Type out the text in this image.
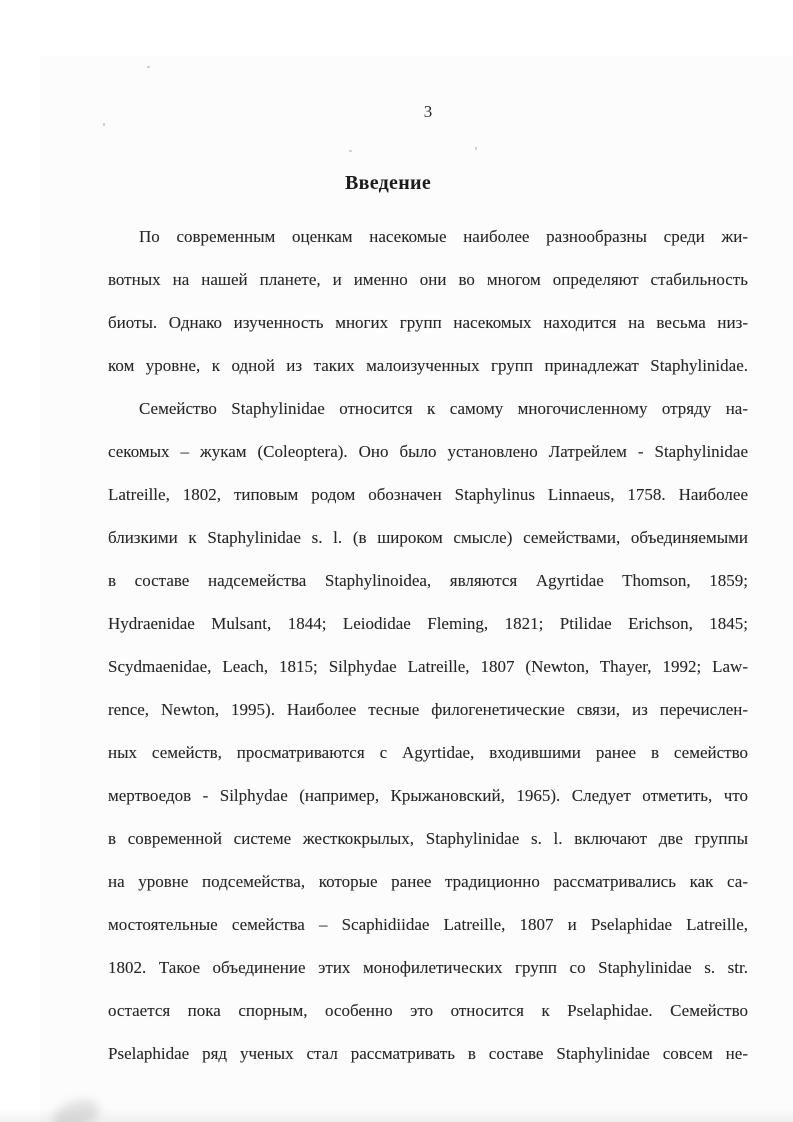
3
Введение
По современным оценкам насекомые наиболее разнообразны среди жи-
вотных на нашей планете, и именно они во многом определяют стабильность
биоты. Однако изученность многих групп насекомых находится на весьма низ-
ком уровне, к одной из таких малоизученных групп принадлежат Staphylinidae.
Семейство Staphylinidae относится к самому многочисленному отряду на-
секомых – жукам (Coleoptera). Оно было установлено Латрейлем - Staphylinidae
Latreille, 1802, типовым родом обозначен Staphylinus Linnaeus, 1758. Наиболее
близкими к Staphylinidae s. l. (в широком смысле) семействами, объединяемыми
в составе надсемейства Staphylinoidea, являются Agyrtidae Thomson, 1859;
Hydraenidae Mulsant, 1844; Leiodidae Fleming, 1821; Ptilidae Erichson, 1845;
Scydmaenidae, Leach, 1815; Silphydae Latreille, 1807 (Newton, Thayer, 1992; Law-
rence, Newton, 1995). Наиболее тесные филогенетические связи, из перечислен-
ных семейств, просматриваются с Agyrtidae, входившими ранее в семейство
мертвоедов - Silphydae (например, Крыжановский, 1965). Следует отметить, что
в современной системе жесткокрылых, Staphylinidae s. l. включают две группы
на уровне подсемейства, которые ранее традиционно рассматривались как са-
мостоятельные семейства – Scaphidiidae Latreille, 1807 и Pselaphidae Latreille,
1802. Такое объединение этих монофилетических групп со Staphylinidae s. str.
остается пока спорным, особенно это относится к Pselaphidae. Семейство
Pselaphidae ряд ученых стал рассматривать в составе Staphylinidae совсем не-
